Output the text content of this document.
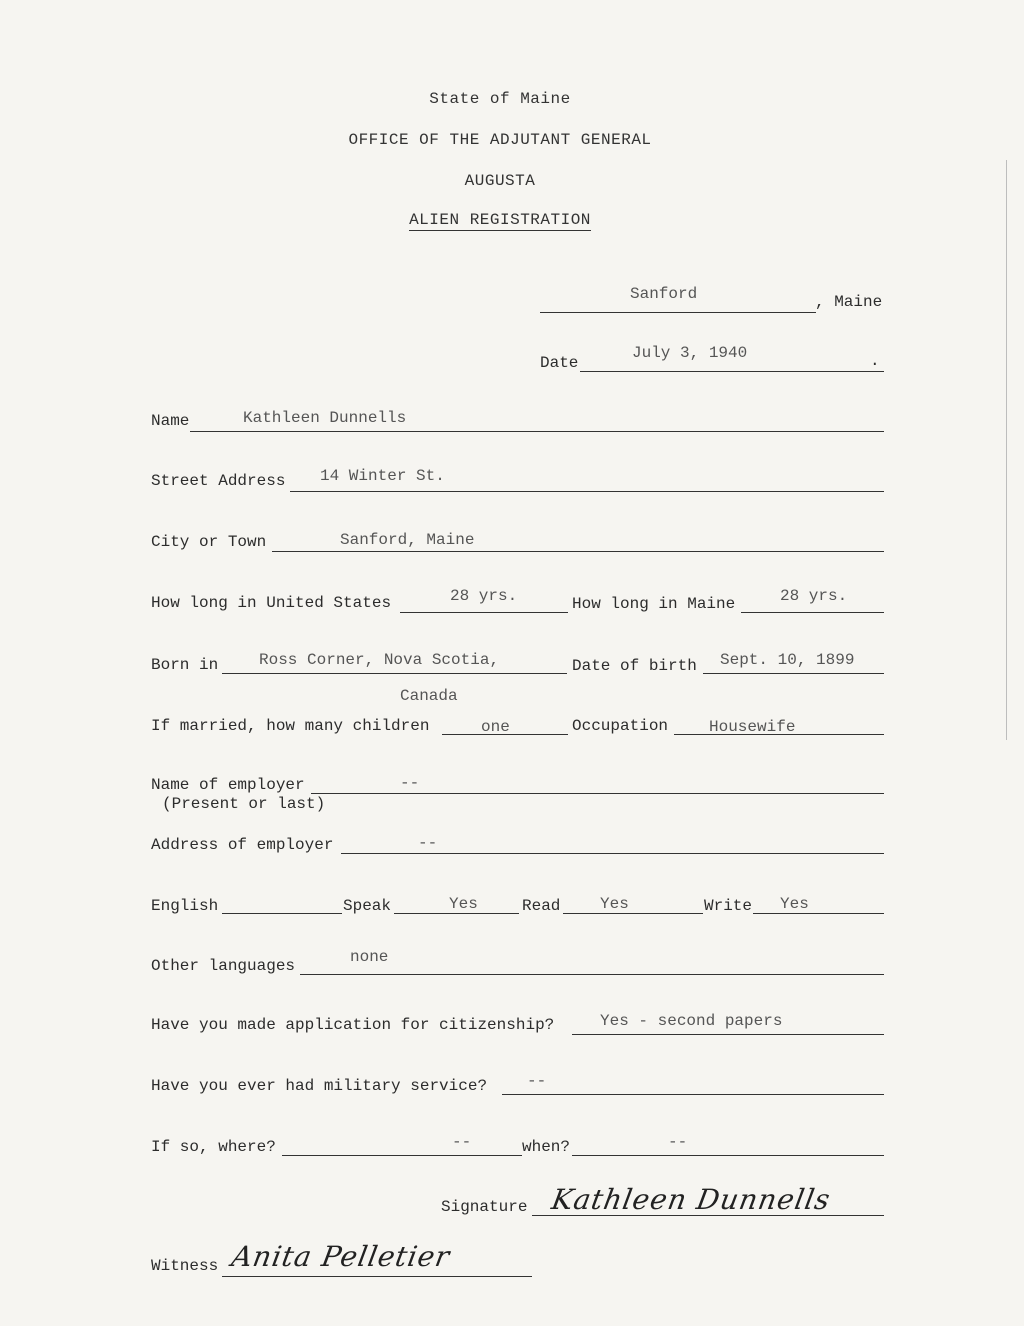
State of Maine
OFFICE OF THE ADJUTANT GENERAL
AUGUSTA
ALIEN REGISTRATION
Sanford	, Maine
Date
July 3, 1940	.
Name	Kathleen Dunnells
Street Address 14 Winter St.
City or Town	Sanford, Maine
How long in United States	28 yrs.	How long in Maine	28 yrs.
Born in	Ross Corner, Nova Scotia,
Canada
Date of birth Sept. 10, 1899
If married, how many children	one	Occupation	Housewife
Name of employer
(Present or last)
--
Address of employer	--
English	Speak	Yes	Read Yes	Write Yes
Other languages	none
Have you made application for citizenship?	Yes - second papers
Have you ever had military service? --
If so, where?	--	when?	--
Signature Kathleen Dunnells
Witness Anita Pelletier
